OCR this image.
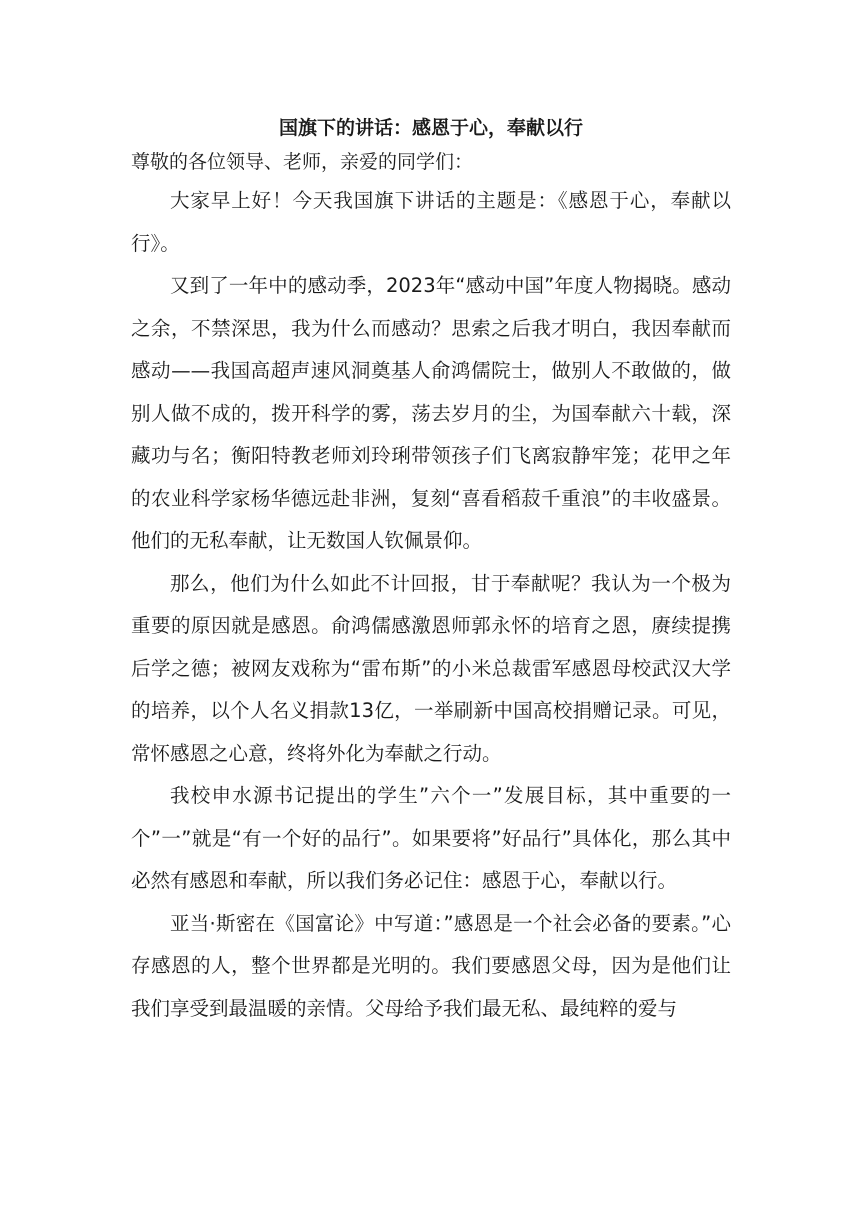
国旗下的讲话：感恩于心，奉献以行

尊敬的各位领导、老师，亲爱的同学们：

大家早上好！今天我国旗下讲话的主题是：《感恩于心，奉献以行》。

又到了一年中的感动季，2023年“感动中国”年度人物揭晓。感动之余，不禁深思，我为什么而感动？思索之后我才明白，我因奉献而感动——我国高超声速风洞奠基人俞鸿儒院士，做别人不敢做的，做别人做不成的，拨开科学的雾，荡去岁月的尘，为国奉献六十载，深藏功与名；衡阳特教老师刘玲琍带领孩子们飞离寂静牢笼；花甲之年的农业科学家杨华德远赴非洲，复刻“喜看稻菽千重浪”的丰收盛景。他们的无私奉献，让无数国人钦佩景仰。

那么，他们为什么如此不计回报，甘于奉献呢？我认为一个极为重要的原因就是感恩。俞鸿儒感激恩师郭永怀的培育之恩，赓续提携后学之德；被网友戏称为“雷布斯”的小米总裁雷军感恩母校武汉大学的培养，以个人名义捐款13亿，一举刷新中国高校捐赠记录。可见，常怀感恩之心意，终将外化为奉献之行动。

我校申水源书记提出的学生”六个一”发展目标，其中重要的一个”一”就是“有一个好的品行”。如果要将”好品行”具体化，那么其中必然有感恩和奉献，所以我们务必记住：感恩于心，奉献以行。

亚当·斯密在《国富论》中写道：”感恩是一个社会必备的要素。”心存感恩的人，整个世界都是光明的。我们要感恩父母，因为是他们让我们享受到最温暖的亲情。父母给予我们最无私、最纯粹的爱与
